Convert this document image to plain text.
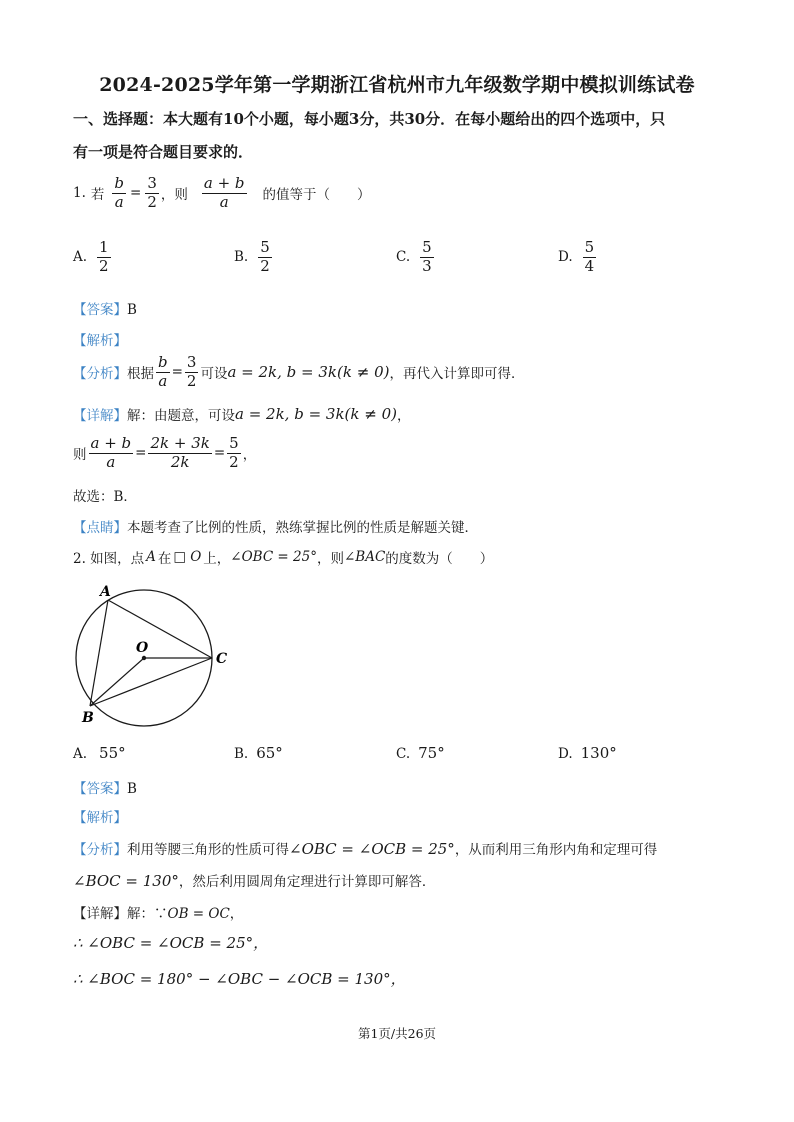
2024-2025学年第一学期浙江省杭州市九年级数学期中模拟训练试卷
一、选择题：本大题有10个小题，每小题3分，共30分．在每小题给出的四个选项中，只
有一项是符合题目要求的．
1. 若 $\frac{b}{a} = \frac{3}{2}$ ，则 $\frac{a + b}{a}$ 的值等于（　　）
A. $\frac{1}{2}$	B. $\frac{5}{2}$	C. $\frac{5}{3}$	D. $\frac{5}{4}$
【答案】B
【解析】
【分析】 根据 $\frac{b}{a} = \frac{3}{2}$ 可设 a = 2k, b = 3k(k ≠ 0) ，再代入计算即可得．
【详解】 解：由题意，可设 a = 2k, b = 3k(k ≠ 0) ，
则 $\frac{a + b}{a} = \frac{2k + 3k}{2k} = \frac{5}{2}$ ，
故选：B．
【点睛】本题考查了比例的性质，熟练掌握比例的性质是解题关键．
2. 如图，点 A 在 □ O 上， ∠OBC = 25° ，则 ∠BAC 的度数为（　　）
A
O
C
B
A. 55°	B. 65°	C. 75°	D. 130°
【答案】B
【解析】
【分析】利用等腰三角形的性质可得∠OBC = ∠OCB = 25°，从而利用三角形内角和定理可得
∠BOC = 130°，然后利用圆周角定理进行计算即可解答．
【详解】解：∵OB = OC，
∴ ∠OBC = ∠OCB = 25°，
∴ ∠BOC = 180° − ∠OBC − ∠OCB = 130°，
第1页/共26页
